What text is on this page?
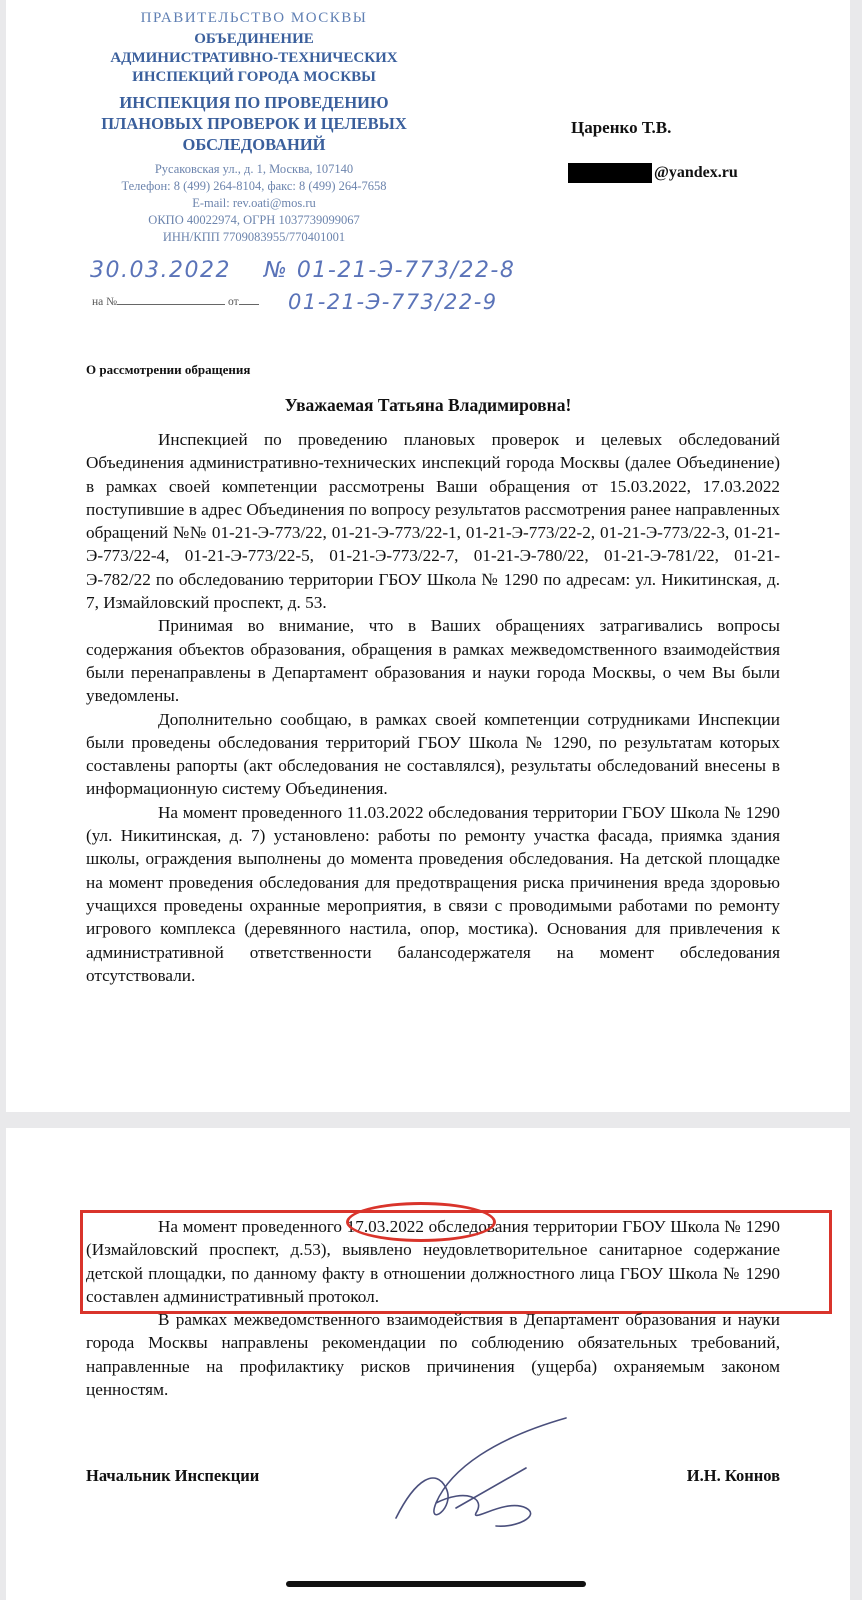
ПРАВИТЕЛЬСТВО МОСКВЫ
ОБЪЕДИНЕНИЕ
АДМИНИСТРАТИВНО-ТЕХНИЧЕСКИХ
ИНСПЕКЦИЙ ГОРОДА МОСКВЫ
ИНСПЕКЦИЯ ПО ПРОВЕДЕНИЮ
ПЛАНОВЫХ ПРОВЕРОК И ЦЕЛЕВЫХ
ОБСЛЕДОВАНИЙ
Русаковская ул., д. 1, Москва, 107140
Телефон: 8 (499) 264-8104, факс: 8 (499) 264-7658
E-mail: rev.oati@mos.ru
ОКПО 40022974, ОГРН 1037739099067
ИНН/КПП 7709083955/770401001
Царенко Т.В.
@yandex.ru
30.03.2022 № 01-21-Э-773/22-8
на №	от	01-21-Э-773/22-9
О рассмотрении обращения
Уважаемая Татьяна Владимировна!

Инспекцией по проведению плановых проверок и целевых обследований Объединения административно-технических инспекций города Москвы (далее Объединение) в рамках своей компетенции рассмотрены Ваши обращения от 15.03.2022, 17.03.2022 поступившие в адрес Объединения по вопросу результатов рассмотрения ранее направленных обращений №№ 01-21-Э-773/22, 01-21-Э-773/22-1, 01-21-Э-773/22-2, 01-21-Э-773/22-3, 01-21-Э-773/22-4, 01-21-Э-773/22-5, 01-21-Э-773/22-7, 01-21-Э-780/22, 01-21-Э-781/22, 01-21-Э-782/22 по обследованию территории ГБОУ Школа № 1290 по адресам: ул. Никитинская, д. 7, Измайловский проспект, д. 53.

Принимая во внимание, что в Ваших обращениях затрагивались вопросы содержания объектов образования, обращения в рамках межведомственного взаимодействия были перенаправлены в Департамент образования и науки города Москвы, о чем Вы были уведомлены.

Дополнительно сообщаю, в рамках своей компетенции сотрудниками Инспекции были проведены обследования территорий ГБОУ Школа № 1290, по результатам которых составлены рапорты (акт обследования не составлялся), результаты обследований внесены в информационную систему Объединения.

На момент проведенного 11.03.2022 обследования территории ГБОУ Школа № 1290 (ул. Никитинская, д. 7) установлено: работы по ремонту участка фасада, приямка здания школы, ограждения выполнены до момента проведения обследования. На детской площадке на момент проведения обследования для предотвращения риска причинения вреда здоровью учащихся проведены охранные мероприятия, в связи с проводимыми работами по ремонту игрового комплекса (деревянного настила, опор, мостика). Основания для привлечения к административной ответственности балансодержателя на момент обследования отсутствовали.

На момент проведенного 17.03.2022 обследования территории ГБОУ Школа № 1290 (Измайловский проспект, д.53), выявлено неудовлетворительное санитарное содержание детской площадки, по данному факту в отношении должностного лица ГБОУ Школа № 1290 составлен административный протокол.

В рамках межведомственного взаимодействия в Департамент образования и науки города Москвы направлены рекомендации по соблюдению обязательных требований, направленные на профилактику рисков причинения (ущерба) охраняемым законом ценностям.

Начальник Инспекции	И.Н. Коннов
